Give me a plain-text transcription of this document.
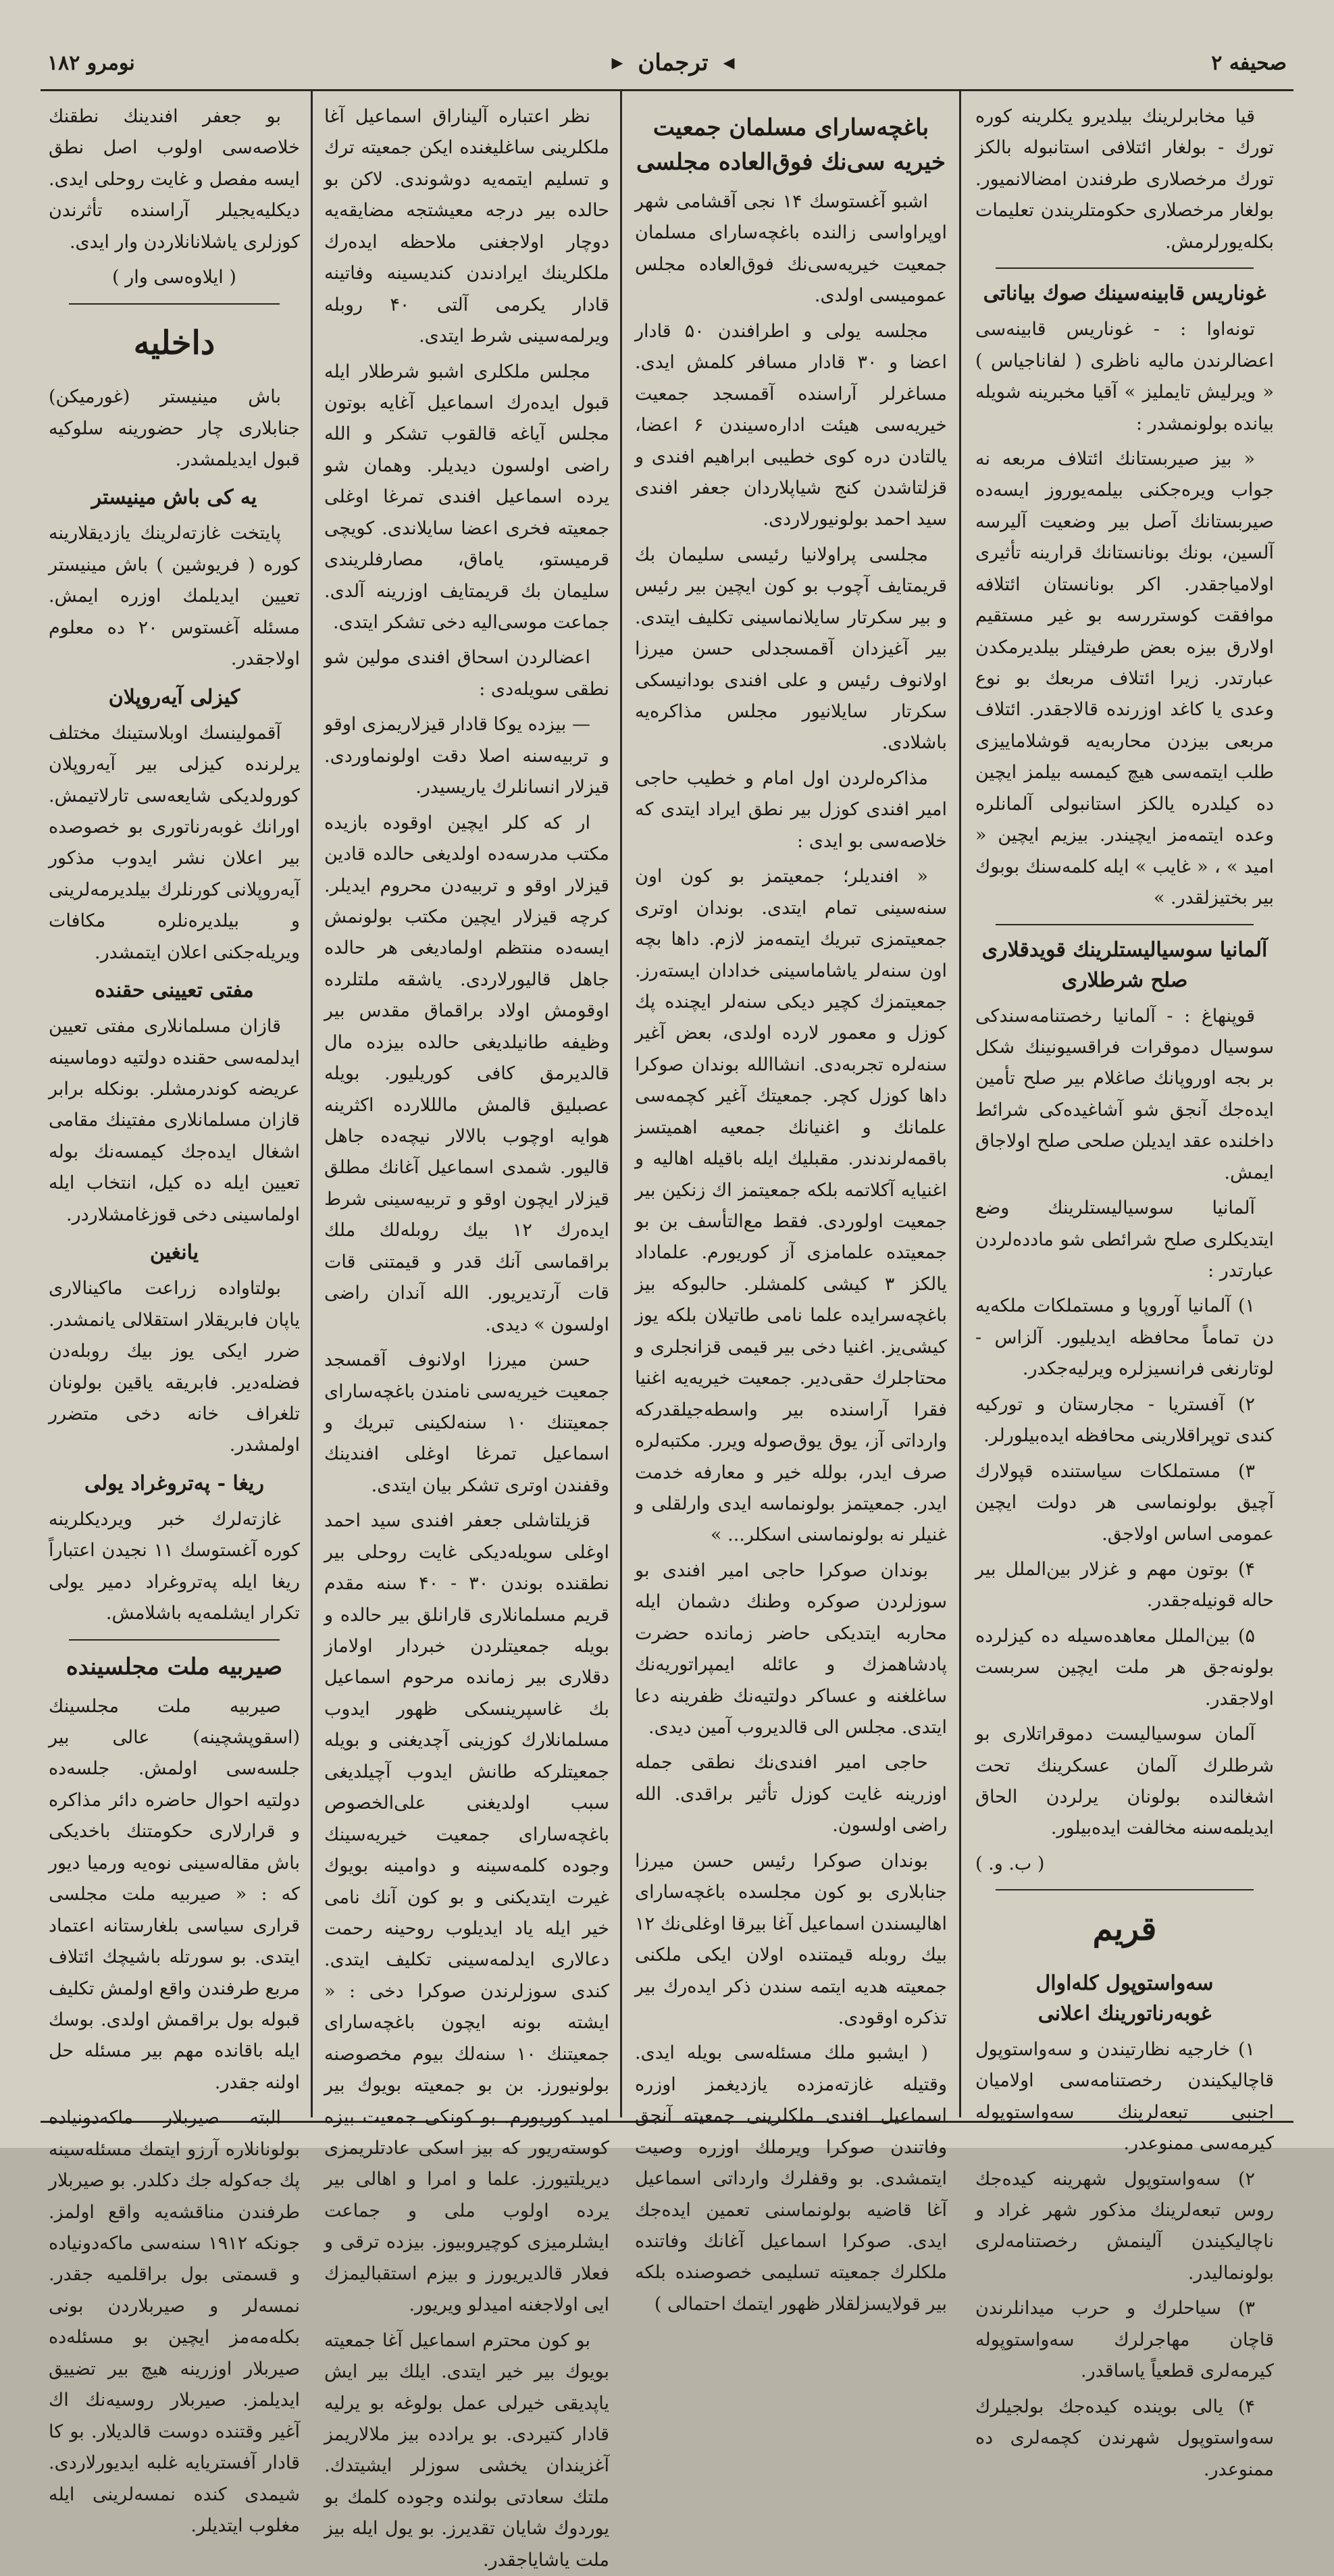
صحیفه ۲
◀
ترجمان
▶
نومرو ۱۸۲

قیا مخابرلرینك بیلدیرو یکلرینه کوره تورك - بولغار ائتلافی استانبوله بالکز تورك مرخصلاری طرفندن امضالانمیور. بولغار مرخصلاری حکومتلریندن تعلیمات بکله‌یورلرمش.

غوناریس قابینه‌سینك صوك بیاناتی

تونه‌اوا : - غوناریس قابینه‌سی اعضالرندن مالیه ناظری ( لفاناجیاس ) « ویرلیش تایملیز » آقیا مخبرینه شویله بیانده بولونمشدر :

« بیز صیربستانك ائتلاف مربعه نه جواب ویره‌جکنی بیلمه‌یوروز ایسه‌ده صیربستانك آصل بیر وضعیت آلیرسه آلسین، بونك بونانستانك قرارینه تأثیری اولامیاجقدر. اکر بونانستان ائتلافه موافقت کوستررسه بو غیر مستقیم اولارق بیزه بعض طرفیتلر بیلدیرمکدن عبارتدر. زیرا ائتلاف مربعك بو نوع وعدی یا کاغد اوزرنده قالاجقدر. ائتلاف مربعی بیزدن محاربه‌یه قوشلاماییزی طلب ایتمه‌سی هیچ کیمسه بیلمز ایچین ده کیلدره یالکز استانبولی آلمانلره وعده ایتمه‌مز ایچیندر. بیزیم ایچین « امید » ، « غایب » ایله کلمه‌سنك بوبوك بیر بختیزلقدر. »

آلمانیا سوسیالیستلرینك قویدقلاری صلح شرطلاری

قوپنهاغ : - آلمانیا رخصتنامه‌سندکی سوسیال دموقرات فراقسیونینك شکل بر بجه اوروپانك صاغلام بیر صلح تأمین ایده‌جك آنجق شو آشاغیده‌کی شرائط داخلنده عقد ایدیلن صلحی صلح اولاجاق ایمش.

آلمانیا سوسیالیستلرینك وضع ایتدیکلری صلح شرائطی شو مادده‌لردن عبارتدر :

۱) آلمانیا آوروپا و مستملکات ملکه‌یه دن تماماً محافظه ایدیلیور. آلزاس - لوتارنغی فرانسیزلره ویرلیه‌جکدر.

۲) آفستریا - مجارستان و تورکیه کندی توپراقلارینی محافظه ایده‌بیلورلر.

۳) مستملکات سیاستنده قپولارك آچیق بولونماسی هر دولت ایچین عمومی اساس اولاجق.

۴) بوتون مهم و غزلار بین‌الملل بیر حاله قونیله‌جقدر.

۵) بین‌الملل معاهده‌سیله ده کیزلرده بولونه‌جق هر ملت ایچین سربست اولاجقدر.

آلمان سوسیالیست دموقراتلاری بو شرطلرك آلمان عسکرینك تحت اشغالنده بولونان یرلردن الحاق ایدیلمه‌سنه مخالفت ایده‌بیلور.

( ب. و. )

قریم
سه‌واستوپول کله‌اوال غوبه‌رناتورینك اعلانی

۱) خارجیه نظارتیندن و سه‌واستوپول قاچالیکیندن رخصتنامه‌سی اولامیان اجنبی تبعه‌لرینك سه‌واستوپوله کیرمه‌سی ممنوعدر.

۲) سه‌واستوپول شهرینه کیده‌جك روس تبعه‌لرینك مذکور شهر غراد و ناچالیکیندن آلینمش رخصتنامه‌لری بولونمالیدر.

۳) سیاحلرك و حرب میدانلرندن قاچان مهاجرلرك سه‌واستوپوله کیرمه‌لری قطعیاً یاساقدر.

۴) یالی بوینده کیده‌جك بولجیلرك سه‌واستوپول شهرندن کچمه‌لری ده ممنوعدر.

باغچه‌سارای مسلمان جمعیت خیریه سی‌نك فوق‌العاده مجلسی

اشبو آغستوسك ۱۴ نجی آقشامی شهر اوپراواسی زالنده باغچه‌سارای مسلمان جمعیت خیریه‌سی‌نك فوق‌العاده مجلس عمومیسی اولدی.

مجلسه یولی و اطرافندن ۵۰ قادار اعضا و ۳۰ قادار مسافر کلمش ایدی. مساغرلر آراسنده آقمسجد جمعیت خیریه‌سی هیئت اداره‌سیندن ۶ اعضا، یالتادن دره کوی خطیبی ابراهیم افندی و قزلتاشدن کنج شیاپلاردان جعفر افندی سید احمد بولونیورلاردی.

مجلسی پراولانیا رئیسی سلیمان بك قریمتایف آچوب بو کون ایچین بیر رئیس و بیر سکرتار سایلانماسینی تکلیف ایتدی. بیر آغیزدان آقمسجدلی حسن میرزا اولانوف رئیس و علی افندی بودانیسکی سکرتار سایلانیور مجلس مذاکره‌یه باشلادی.

مذاکره‌لردن اول امام و خطیب حاجی امیر افندی کوزل بیر نطق ایراد ایتدی که خلاصه‌سی بو ایدی :

« افندیلر؛ جمعیتمز بو کون اون سنه‌سینی تمام ایتدی. بوندان اوتری جمعیتمزی تبریك ایتمه‌مز لازم. داها بچه اون سنه‌لر یاشاماسینی خدادان ایسته‌رز. جمعیتمزك کچیر دیکی سنه‌لر ایچنده پك کوزل و معمور لارده اولدی، بعض آغیر سنه‌لره تجربه‌دی. انشاالله بوندان صوکرا داها کوزل کچر. جمعیتك آغیر کچمه‌سی علمانك و اغنیانك جمعیه اهمیتسز باقمه‌لرندندر. مقبلیك ایله باقیله اهالیه و اغنیایه آکلاتمه بلکه جمعیتمز اك زنکین بیر جمعیت اولوردی. فقط مع‌التأسف بن بو جمعیتده علمامزی آز کوریورم. علماداد یالکز ۳ کیشی کلمشلر. حالبوکه بیز باغچه‌سرایده علما نامی طاتیلان بلکه یوز کیشی‌یز. اغنیا دخی بیر قیمی قزانجلری و محتاجلرك حقی‌دیر. جمعیت خیریه‌یه اغنیا فقرا آراسنده بیر واسطه‌جیلقدرکه وارداتی آز، یوق یوق‌صوله ویرر. مکتبه‌لره صرف ایدر، بولله خیر و معارفه خدمت ایدر. جمعیتمز بولونماسه ایدی وارلقلی و غنیلر نه بولونماسنی اسکلر... »

بوندان صوکرا حاجی امیر افندی بو سوزلردن صوکره وطنك دشمان ایله محاربه ایتدیکی حاضر زمانده حضرت پادشاهمزك و عائله ایمپراتوریه‌نك ساغلغنه و عساکر دولتیه‌نك ظفرینه دعا ایتدی. مجلس الی قالدیروب آمین دیدی.

حاجی امیر افندی‌نك نطقی جمله اوزرینه غایت کوزل تأثیر براقدی. الله راضی اولسون.

بوندان صوکرا رئیس حسن میرزا جنابلاری بو کون مجلسده باغچه‌سارای اهالیسندن اسماعیل آغا بیرقا اوغلی‌نك ۱۲ بیك روبله قیمتنده اولان ایکی ملکنی جمعیته هدیه ایتمه سندن ذکر ایده‌رك بیر تذکره اوقودی.

( ایشبو ملك مسئله‌سی بویله ایدی. وقتیله غازته‌مزده یازدیغمز اوزره اسماعیل افندی ملکلرینی جمعیته آنجق وفاتندن صوکرا ویرملك اوزره وصیت ایتمشدی. بو وقفلرك وارداتی اسماعیل آغا قاضیه بولونماسنی تعمین ایده‌جك ایدی. صوکرا اسماعیل آغانك وفاتنده ملکلرك جمعیته تسلیمی خصوصنده بلکه بیر قولایسزلقلار ظهور ایتمك احتمالی )

نظر اعتباره آلیناراق اسماعیل آغا ملکلرینی ساغلیغنده ایکن جمعیته ترك و تسلیم ایتمه‌یه دوشوندی. لاکن بو حالده بیر درجه معیشتجه مضایقه‌یه دوچار اولاجغنی ملاحظه ایده‌رك ملکلرینك ایرادندن کندیسینه وفاتینه قادار یکرمی آلتی ۴۰ روبله ویرلمه‌سینی شرط ایتدی.

مجلس ملکلری اشبو شرطلار ایله قبول ایده‌رك اسماعیل آغایه بوتون مجلس آیاغه قالقوب تشکر و الله راضی اولسون دیدیلر. وهمان شو یرده اسماعیل افندی تمرغا اوغلی جمعیته فخری اعضا سایلاندی. کویچی قرمیستو، یاماق، مصارفلریندی سلیمان بك قریمتایف اوزرینه آلدی. جماعت موسی‌الیه دخی تشکر ایتدی.

اعضالردن اسحاق افندی مولین شو نطقی سویله‌دی :

— بیزده یوکا قادار قیزلاریمزی اوقو و تربیه‌سنه اصلا دقت اولونماوردی. قیزلار انسانلرك یاریسیدر.

ار که کلر ایچین اوقوده بازیده مکتب مدرسه‌ده اولدیغی حالده قادین قیزلار اوقو و تربیه‌دن محروم ایدیلر. کرچه قیزلار ایچین مکتب بولونمش ایسه‌ده منتظم اولمادیغی هر حالده جاهل قالیورلاردی. یاشقه ملتلرده اوقومش اولاد براقماق مقدس بیر وظیفه طانیلدیغی حالده بیزده مال قالدیرمق کافی کوریلیور. بویله عصبلیق قالمش مالللارده اکثرینه هوایه اوچوب بالالار نیچه‌ده جاهل قالیور. شمدی اسماعیل آغانك مطلق قیزلار ایچون اوقو و تربیه‌سینی شرط ایده‌رك ۱۲ بیك روبله‌لك ملك براقماسی آنك قدر و قیمتنی قات قات آرتدیریور. الله آندان راضی اولسون » دیدی.

حسن میرزا اولانوف آقمسجد جمعیت خیریه‌سی نامندن باغچه‌سارای جمعیتنك ۱۰ سنه‌لکینی تبریك و اسماعیل تمرغا اوغلی افندینك وقفندن اوتری تشکر بیان ایتدی.

قزیلتاشلی جعفر افندی سید احمد اوغلی سویله‌دیکی غایت روحلی بیر نطقنده بوندن ۳۰ - ۴۰ سنه مقدم قریم مسلمانلاری قارانلق بیر حالده و بویله جمعیتلردن خبردار اولاماز دقلاری بیر زمانده مرحوم اسماعیل بك غاسپرینسکی ظهور ایدوب مسلمانلارك کوزینی آچدیغنی و بویله جمعیتلرکه طانش ایدوب آچیلدیغی سبب اولدیغنی علی‌الخصوص باغچه‌سارای جمعیت خیریه‌سینك وجوده کلمه‌سینه و دوامینه بویوك غیرت ایتدیکنی و بو کون آنك نامی خیر ایله یاد ایدیلوب روحینه رحمت دعالاری ایدلمه‌سینی تکلیف ایتدی. کندی سوزلرندن صوکرا دخی : « ایشته بونه ایچون باغچه‌سارای جمعیتنك ۱۰ سنه‌لك بیوم مخصوصنه بولونیورز. بن بو جمعیته بویوك بیر امید کوریورم. بو کونکی جمعیت بیزه کوسته‌ریور که بیز اسکی عادتلریمزی دیریلتیورز. علما و امرا و اهالی بیر یرده اولوب ملی و جماعت ایشلرمیزی کوچیروبیوز. بیزده ترقی و فعلار قالدیریورز و بیزم استقبالیمزك ایی اولاجغنه امیدلو ویریور.

بو کون محترم اسماعیل آغا جمعیته بویوك بیر خیر ایتدی. ایلك بیر ایش یاپدیقی خیرلی عمل بولوغه بو یرلیه قادار کتیردی. بو یرادده بیز ملالاریمز آغزیندان یخشی سوزلر ایشیتدك. ملتك سعادتی بولنده وجوده کلمك بو یوردوك شایان تقدیرز. بو یول ایله بیز ملت یاشایاجقدر.

بو جعفر افندینك نطقنك خلاصه‌سی اولوب اصل نطق ایسه مفصل و غایت روحلی ایدی. دیکلیه‌یجیلر آراسنده تأثرندن کوزلری یاشلانانلاردن وار ایدی.

( ایلاوه‌سی وار )

داخلیه

باش مینیستر (غورمیکن) جنابلاری چار حضورینه سلوکیه قبول ایدیلمشدر.

یه کی باش مینیستر

پایتخت غازته‌لرینك یازدیقلارینه کوره ( فریوشین ) باش مینیستر تعیین ایدیلمك اوزره ایمش. مسئله آغستوس ۲۰ ده معلوم اولاجقدر.

کیزلی آیه‌روپلان

آقمولینسك اوبلاستینك مختلف یرلرنده کیزلی بیر آیه‌روپلان کورولدیکی شایعه‌سی تارلاتیمش. اورانك غوبه‌رناتوری بو خصوصده بیر اعلان نشر ایدوب مذکور آیه‌روپلانی کورنلرك بیلدیرمه‌لرینی و بیلدیره‌نلره مکافات ویریله‌جکنی اعلان ایتمشدر.

مفتی تعیینی حقنده

قازان مسلمانلاری مفتی تعیین ایدلمه‌سی حقنده دولتیه دوماسینه عریضه کوندرمشلر. بونکله برابر قازان مسلمانلاری مفتینك مقامی اشغال ایده‌جك کیمسه‌نك بوله تعیین ایله ده کیل، انتخاب ایله اولماسینی دخی قوزغامشلاردر.

یانغین

بولتاواده زراعت ماکینالاری یاپان فابریقلار استقلالی یانمشدر. ضرر ایکی یوز بیك روبله‌دن فضله‌دیر. فابریقه یاقین بولونان تلغراف خانه دخی متضرر اولمشدر.

ریغا - په‌تروغراد یولی

غازته‌لرك خبر ویردیکلرینه کوره آغستوسك ۱۱ نجیدن اعتباراً ریغا ایله په‌تروغراد دمیر یولی تکرار ایشلمه‌یه باشلامش.

صیربیه ملت مجلسینده

صیربیه ملت مجلسینك (اسقوپشچینه) عالی بیر جلسه‌سی اولمش. جلسه‌ده دولتیه احوال حاضره دائر مذاکره و قرارلاری حکومتنك باخدیکی باش مقاله‌سینی نوه‌یه ورمیا دیور که : « صیربیه ملت مجلسی قراری سیاسی بلغارستانه اعتماد ایتدی. بو سورتله باشیچك ائتلاف مربع طرفندن واقع اولمش تکلیف قبوله بول براقمش اولدی. بوسك ایله باقانده مهم بیر مسئله حل اولنه جقدر.

البته صیربلار ماکه‌دونیاده بولونانلاره آرزو ایتمك مسئله‌سینه پك جه‌کوله جك دکلدر. بو صیربلار طرفندن مناقشه‌یه واقع اولمز. جونکه ۱۹۱۲ سنه‌سی ماکه‌دونیاده و قسمتی بول براقلمیه جقدر. نمسه‌لر و صیربلاردن بونی بکله‌مه‌مز ایچین بو مسئله‌ده صیربلار اوزرینه هیچ بیر تضییق ایدیلمز. صیربلار روسیه‌نك اك آغیر وقتنده دوست قالدیلار. بو کا قادار آفستریایه غلبه ایدیورلاردی. شیمدی کنده نمسه‌لرینی ایله مغلوب ایتدیلر.
